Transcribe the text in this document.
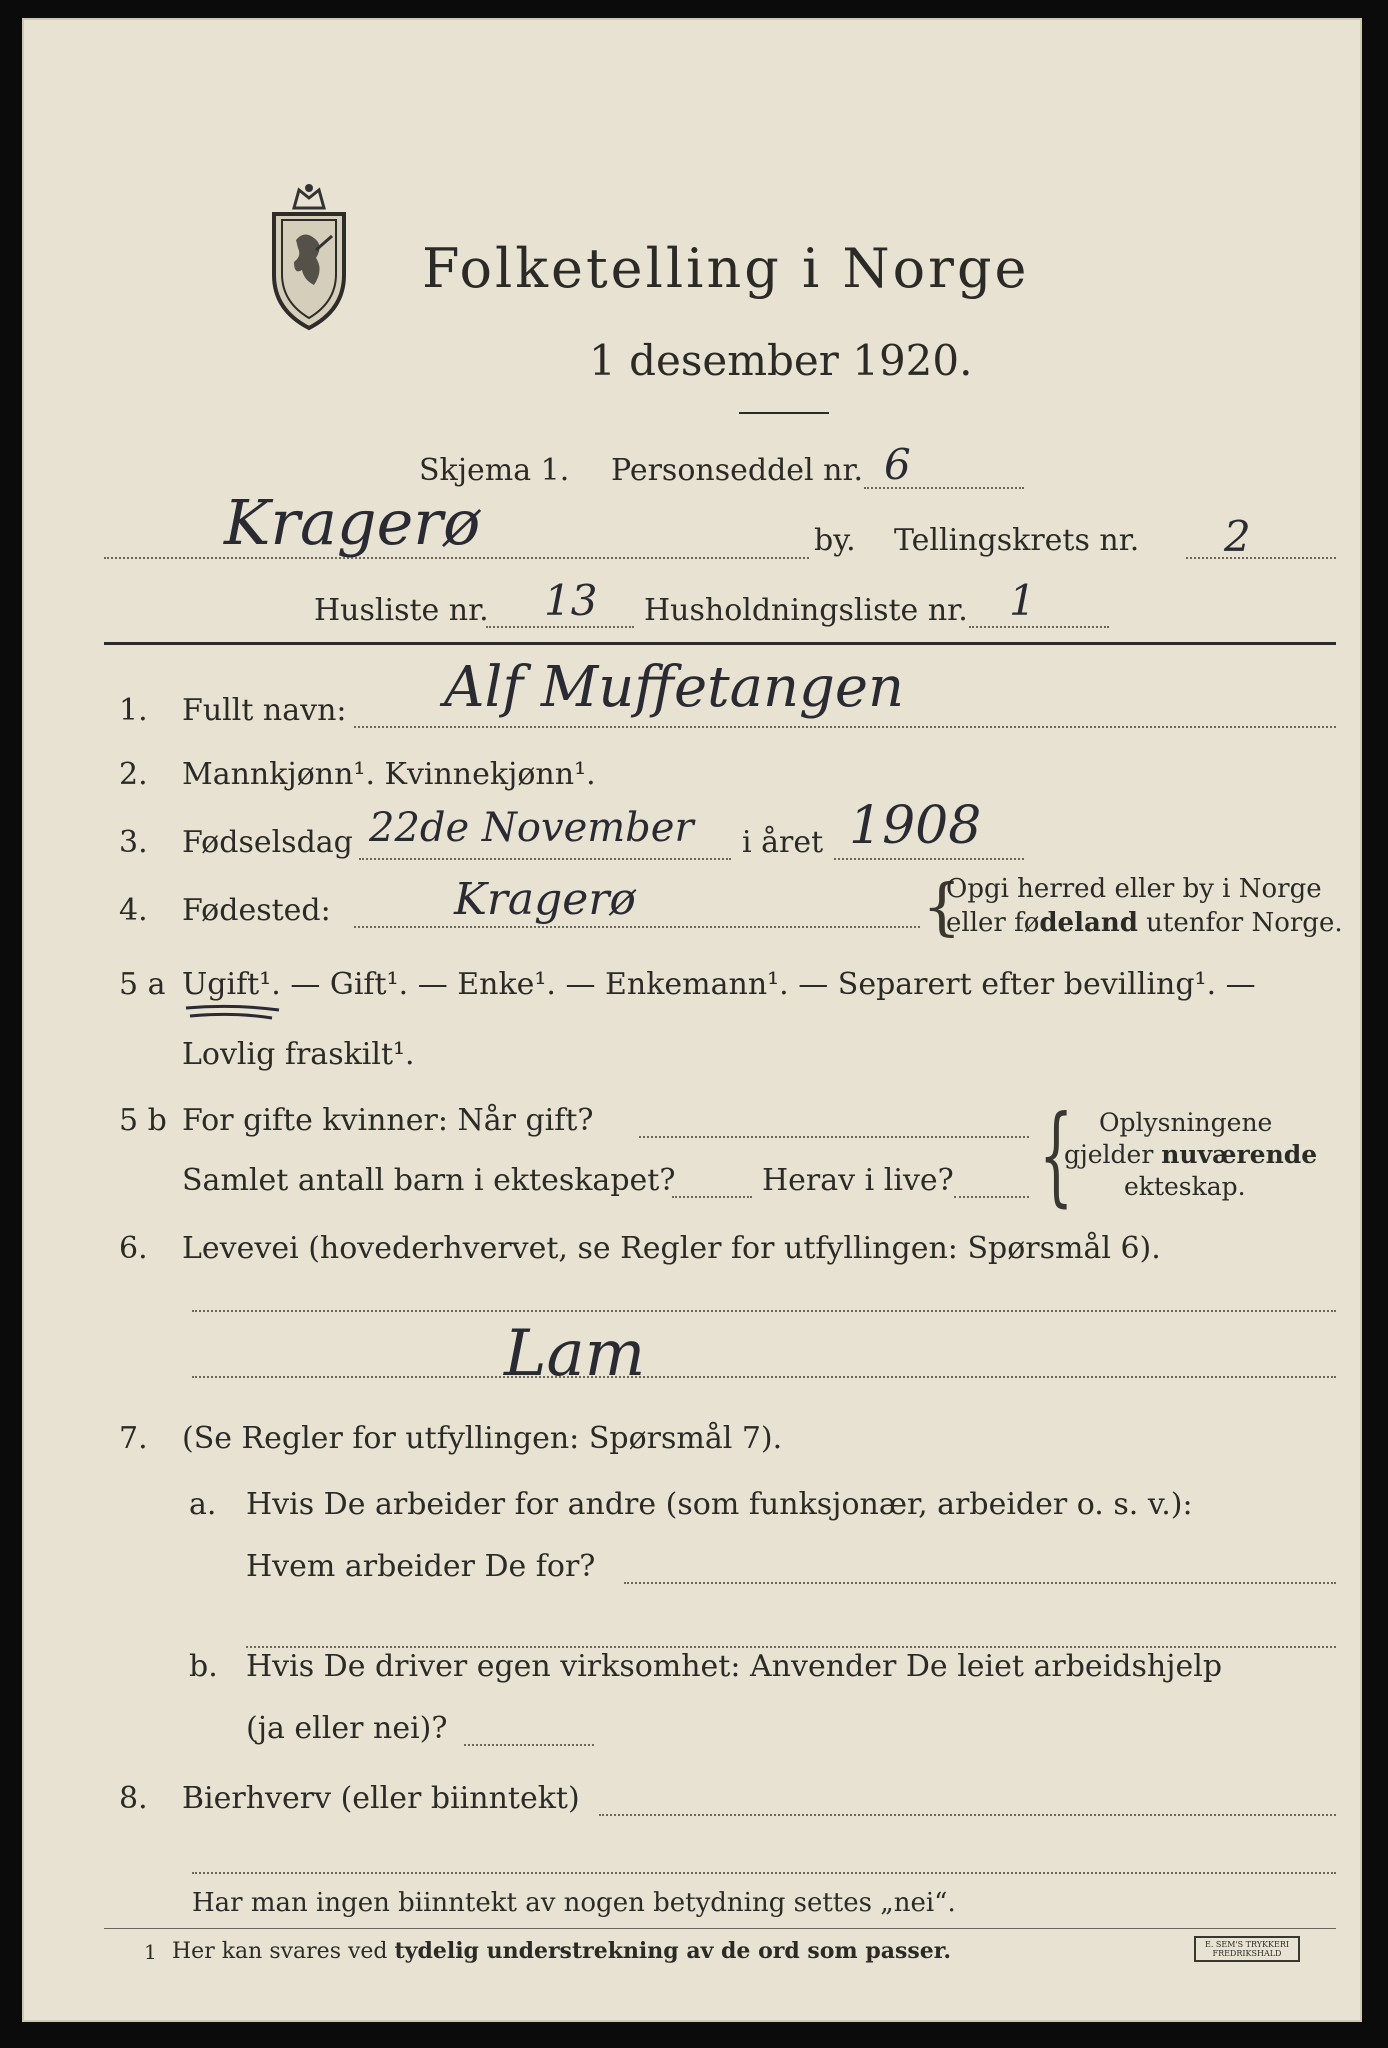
Folketelling i Norge
1 desember 1920.
Skjema 1. Personseddel nr. 6
Kragerø	by. Tellingskrets nr. 2
Husliste nr. 13 Husholdningsliste nr. 1
1. Fullt navn: Alf Muffetangen
2. Mannkjønn¹. Kvinnekjønn¹.
3. Fødselsdag 22de November i året 1908
4. Fødested:	Kragerø	{
Opgi herred eller by i Norge
eller fødeland utenfor Norge.
5 a Ugift¹. — Gift¹. — Enke¹. — Enkemann¹. — Separert efter bevilling¹. —
Lovlig fraskilt¹.
5 b For gifte kvinner: Når gift?
Samlet antall barn i ekteskapet?	Herav i live? { Oplysningene
gjelder nuværende
ekteskap.
6. Levevei (hovederhvervet, se Regler for utfyllingen: Spørsmål 6).
Lam
7. (Se Regler for utfyllingen: Spørsmål 7).
a. Hvis De arbeider for andre (som funksjonær, arbeider o. s. v.):
Hvem arbeider De for?
b. Hvis De driver egen virksomhet: Anvender De leiet arbeidshjelp
(ja eller nei)?
8. Bierhverv (eller biinntekt)
Har man ingen biinntekt av nogen betydning settes „nei“.
1 Her kan svares ved tydelig understrekning av de ord som passer.	E. SEM'S TRYKKERI
FREDRIKSHALD
